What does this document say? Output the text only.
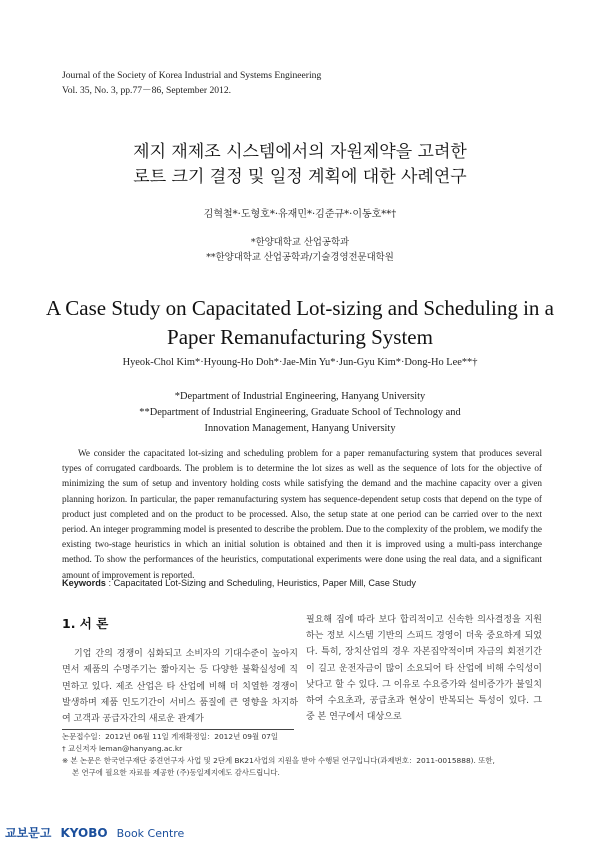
Journal of the Society of Korea Industrial and Systems Engineering
Vol. 35, No. 3, pp.77－86, September 2012.
제지 재제조 시스템에서의 자원제약을 고려한
로트 크기 결정 및 일정 계획에 대한 사례연구
김혁철*·도형호*·유재민*·김준규*·이동호**†
*한양대학교 산업공학과
**한양대학교 산업공학과/기술경영전문대학원
A Case Study on Capacitated Lot-sizing and Scheduling in a
Paper Remanufacturing System
Hyeok-Chol Kim*·Hyoung-Ho Doh*·Jae-Min Yu*·Jun-Gyu Kim*·Dong-Ho Lee**†
*Department of Industrial Engineering, Hanyang University
**Department of Industrial Engineering, Graduate School of Technology and
Innovation Management, Hanyang University
We consider the capacitated lot-sizing and scheduling problem for a paper remanufacturing system that produces several types of corrugated cardboards. The problem is to determine the lot sizes as well as the sequence of lots for the objective of minimizing the sum of setup and inventory holding costs while satisfying the demand and the machine capacity over a given planning horizon. In particular, the paper remanufacturing system has sequence-dependent setup costs that depend on the type of product just completed and on the product to be processed. Also, the setup state at one period can be carried over to the next period. An integer programming model is presented to describe the problem. Due to the complexity of the problem, we modify the existing two-stage heuristics in which an initial solution is obtained and then it is improved using a multi-pass interchange method. To show the performances of the heuristics, computational experiments were done using the real data, and a significant amount of improvement is reported.
Keywords : Capacitated Lot-Sizing and Scheduling, Heuristics, Paper Mill, Case Study
1. 서 론

기업 간의 경쟁이 심화되고 소비자의 기대수준이 높아지면서 제품의 수명주기는 짧아지는 등 다양한 불확실성에 직면하고 있다. 제조 산업은 타 산업에 비해 더 치열한 경쟁이 발생하며 제품 인도기간이 서비스 품질에 큰 영향을 차지하여 고객과 공급자간의 새로운 관계가

필요해 짐에 따라 보다 합리적이고 신속한 의사결정을 지원하는 정보 시스템 기반의 스피드 경영이 더욱 중요하게 되었다. 특히, 장치산업의 경우 자본집약적이며 자금의 회전기간이 길고 운전자금이 많이 소요되어 타 산업에 비해 수익성이 낮다고 할 수 있다. 그 이유로 수요증가와 설비증가가 불일치하여 수요초과, 공급초과 현상이 반복되는 특성이 있다. 그 중 본 연구에서 대상으로

논문접수일：2012년 06월 11일 게재확정일：2012년 09월 07일
† 교신저자 leman@hanyang.ac.kr
※ 본 논문은 한국연구재단 중견연구자 사업 및 2단계 BK21사업의 지원을 받아 수행된 연구입니다(과제번호：2011-0015888). 또한,
본 연구에 필요한 자료를 제공한 (주)동일제지에도 감사드립니다.
교보문고 KYOBO Book Centre
